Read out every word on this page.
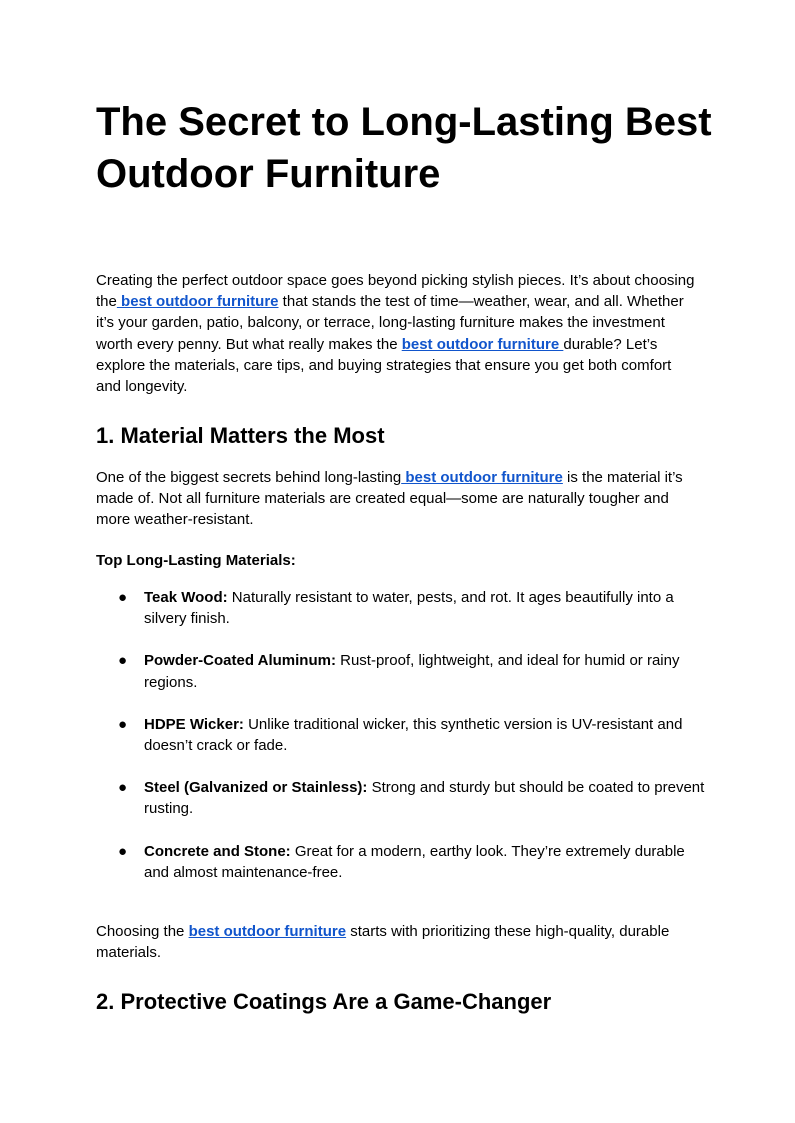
The Secret to Long-Lasting Best Outdoor Furniture

Creating the perfect outdoor space goes beyond picking stylish pieces. It’s about choosing the best outdoor furniture that stands the test of time—weather, wear, and all. Whether it’s your garden, patio, balcony, or terrace, long-lasting furniture makes the investment worth every penny. But what really makes the best outdoor furniture durable? Let’s explore the materials, care tips, and buying strategies that ensure you get both comfort and longevity.

1. Material Matters the Most

One of the biggest secrets behind long-lasting best outdoor furniture is the material it’s made of. Not all furniture materials are created equal—some are naturally tougher and more weather-resistant.

Top Long-Lasting Materials:
● Teak Wood: Naturally resistant to water, pests, and rot. It ages beautifully into a silvery finish.
● Powder-Coated Aluminum: Rust-proof, lightweight, and ideal for humid or rainy regions.
● HDPE Wicker: Unlike traditional wicker, this synthetic version is UV-resistant and doesn’t crack or fade.
● Steel (Galvanized or Stainless): Strong and sturdy but should be coated to prevent rusting.
● Concrete and Stone: Great for a modern, earthy look. They’re extremely durable and almost maintenance-free.

Choosing the best outdoor furniture starts with prioritizing these high-quality, durable materials.

2. Protective Coatings Are a Game-Changer
